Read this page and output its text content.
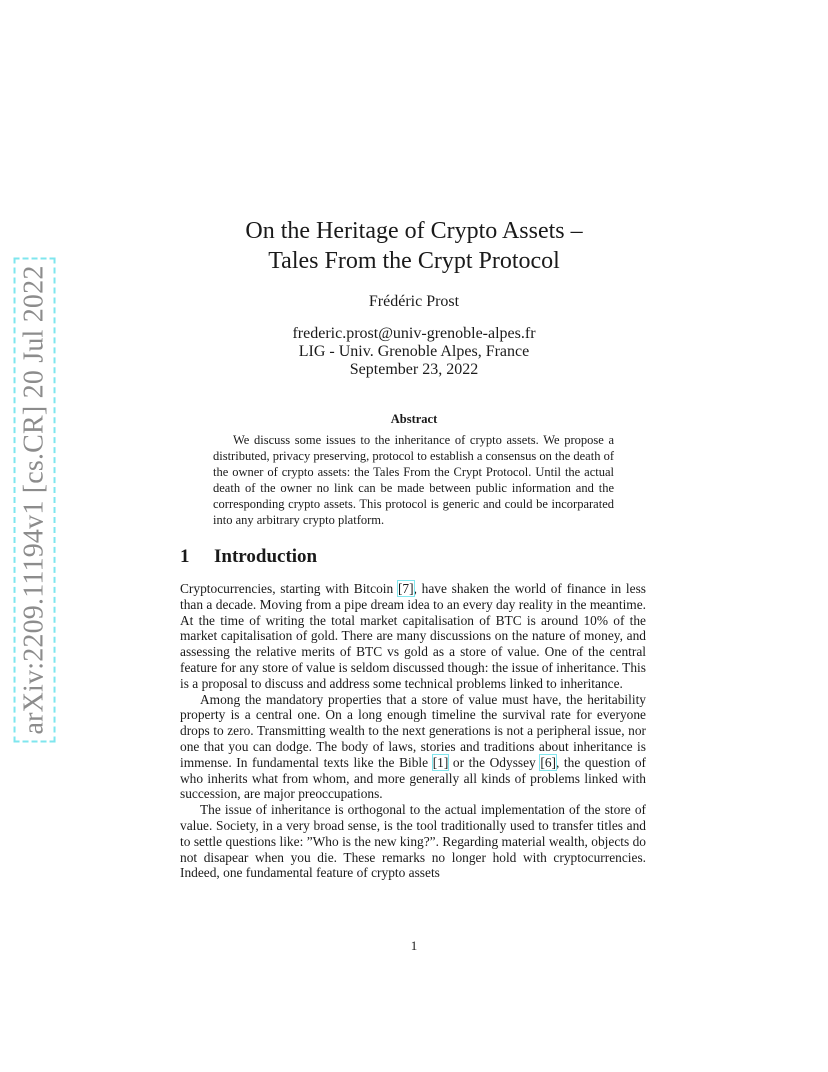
arXiv:2209.11194v1 [cs.CR] 20 Jul 2022
On the Heritage of Crypto Assets –
Tales From the Crypt Protocol
Frédéric Prost
frederic.prost@univ-grenoble-alpes.fr
LIG - Univ. Grenoble Alpes, France
September 23, 2022
Abstract
We discuss some issues to the inheritance of crypto assets. We propose a distributed, privacy preserving, protocol to establish a consensus on the death of the owner of crypto assets: the Tales From the Crypt Protocol. Until the actual death of the owner no link can be made between public information and the corresponding crypto assets. This protocol is generic and could be incorparated into any arbitrary crypto platform.
1 Introduction

Cryptocurrencies, starting with Bitcoin [7], have shaken the world of finance in less than a decade. Moving from a pipe dream idea to an every day reality in the meantime. At the time of writing the total market capitalisation of BTC is around 10% of the market capitalisation of gold. There are many discussions on the nature of money, and assessing the relative merits of BTC vs gold as a store of value. One of the central feature for any store of value is seldom discussed though: the issue of inheritance. This is a proposal to discuss and address some technical problems linked to inheritance.

Among the mandatory properties that a store of value must have, the heritability property is a central one. On a long enough timeline the survival rate for everyone drops to zero. Transmitting wealth to the next generations is not a peripheral issue, nor one that you can dodge. The body of laws, stories and traditions about inheritance is immense. In fundamental texts like the Bible [1] or the Odyssey [6], the question of who inherits what from whom, and more generally all kinds of problems linked with succession, are major preoccupations.

The issue of inheritance is orthogonal to the actual implementation of the store of value. Society, in a very broad sense, is the tool traditionally used to transfer titles and to settle questions like: ”Who is the new king?”. Regarding material wealth, objects do not disapear when you die. These remarks no longer hold with cryptocurrencies. Indeed, one fundamental feature of crypto assets

1
